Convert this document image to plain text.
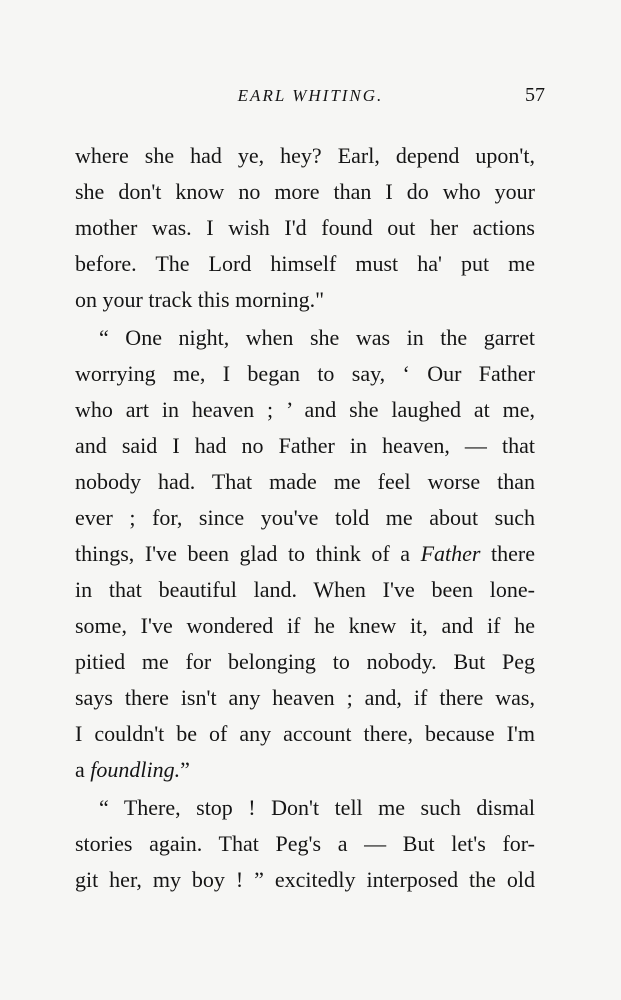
EARL WHITING.	57
where she had ye, hey? Earl, depend upon't,
she don't know no more than I do who your
mother was. I wish I'd found out her actions
before. The Lord himself must ha' put me
on your track this morning."
“ One night, when she was in the garret
worrying me, I began to say, ‘ Our Father
who art in heaven ; ’ and she laughed at me,
and said I had no Father in heaven, — that
nobody had. That made me feel worse than
ever ; for, since you've told me about such
things, I've been glad to think of a Father there
in that beautiful land. When I've been lone-
some, I've wondered if he knew it, and if he
pitied me for belonging to nobody. But Peg
says there isn't any heaven ; and, if there was,
I couldn't be of any account there, because I'm
a foundling.”
“ There, stop ! Don't tell me such dismal
stories again. That Peg's a — But let's for-
git her, my boy ! ” excitedly interposed the old
